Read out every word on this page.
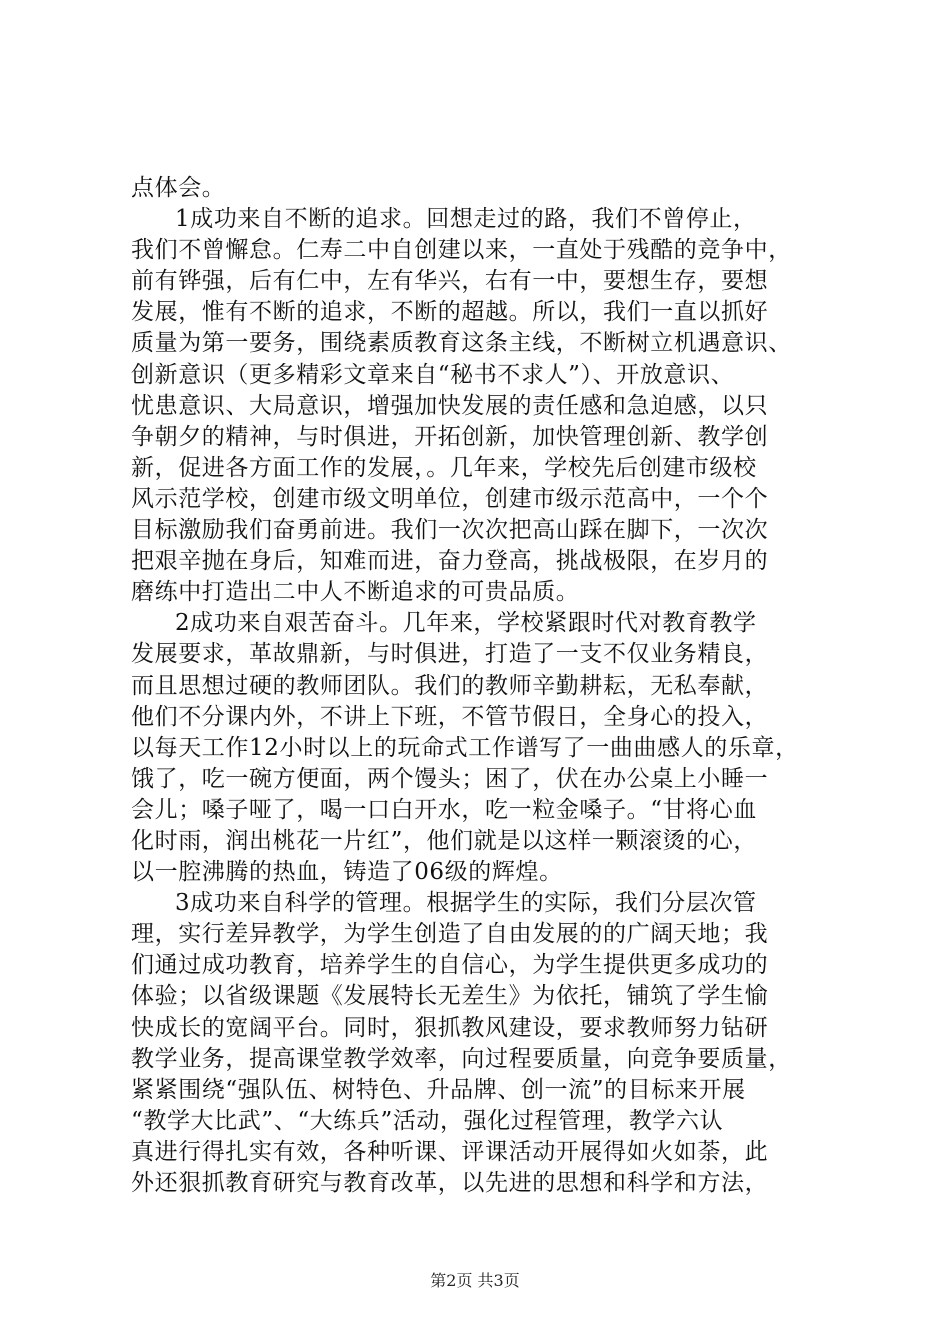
点体会。
1成功来自不断的追求。回想走过的路，我们不曾停止，
我们不曾懈怠。仁寿二中自创建以来，一直处于残酷的竞争中，
前有铧强，后有仁中，左有华兴，右有一中，要想生存，要想
发展，惟有不断的追求，不断的超越。所以，我们一直以抓好
质量为第一要务，围绕素质教育这条主线，不断树立机遇意识、
创新意识（更多精彩文章来自“秘书不求人”）、开放意识、
忧患意识、大局意识，增强加快发展的责任感和急迫感，以只
争朝夕的精神，与时俱进，开拓创新，加快管理创新、教学创
新，促进各方面工作的发展，。几年来，学校先后创建市级校
风示范学校，创建市级文明单位，创建市级示范高中，一个个
目标激励我们奋勇前进。我们一次次把高山踩在脚下，一次次
把艰辛抛在身后，知难而进，奋力登高，挑战极限，在岁月的
磨练中打造出二中人不断追求的可贵品质。
2成功来自艰苦奋斗。几年来，学校紧跟时代对教育教学
发展要求，革故鼎新，与时俱进，打造了一支不仅业务精良，
而且思想过硬的教师团队。我们的教师辛勤耕耘，无私奉献，
他们不分课内外，不讲上下班，不管节假日，全身心的投入，
以每天工作12小时以上的玩命式工作谱写了一曲曲感人的乐章，
饿了，吃一碗方便面，两个馒头；困了，伏在办公桌上小睡一
会儿；嗓子哑了，喝一口白开水，吃一粒金嗓子。“甘将心血
化时雨，润出桃花一片红”，他们就是以这样一颗滚烫的心，
以一腔沸腾的热血，铸造了06级的辉煌。
3成功来自科学的管理。根据学生的实际，我们分层次管
理，实行差异教学，为学生创造了自由发展的的广阔天地；我
们通过成功教育，培养学生的自信心，为学生提供更多成功的
体验；以省级课题《发展特长无差生》为依托，铺筑了学生愉
快成长的宽阔平台。同时，狠抓教风建设，要求教师努力钻研
教学业务，提高课堂教学效率，向过程要质量，向竞争要质量，
紧紧围绕“强队伍、树特色、升品牌、创一流”的目标来开展
“教学大比武”、“大练兵”活动，强化过程管理，教学六认
真进行得扎实有效，各种听课、评课活动开展得如火如荼，此
外还狠抓教育研究与教育改革，以先进的思想和科学和方法，
第2页 共3页
